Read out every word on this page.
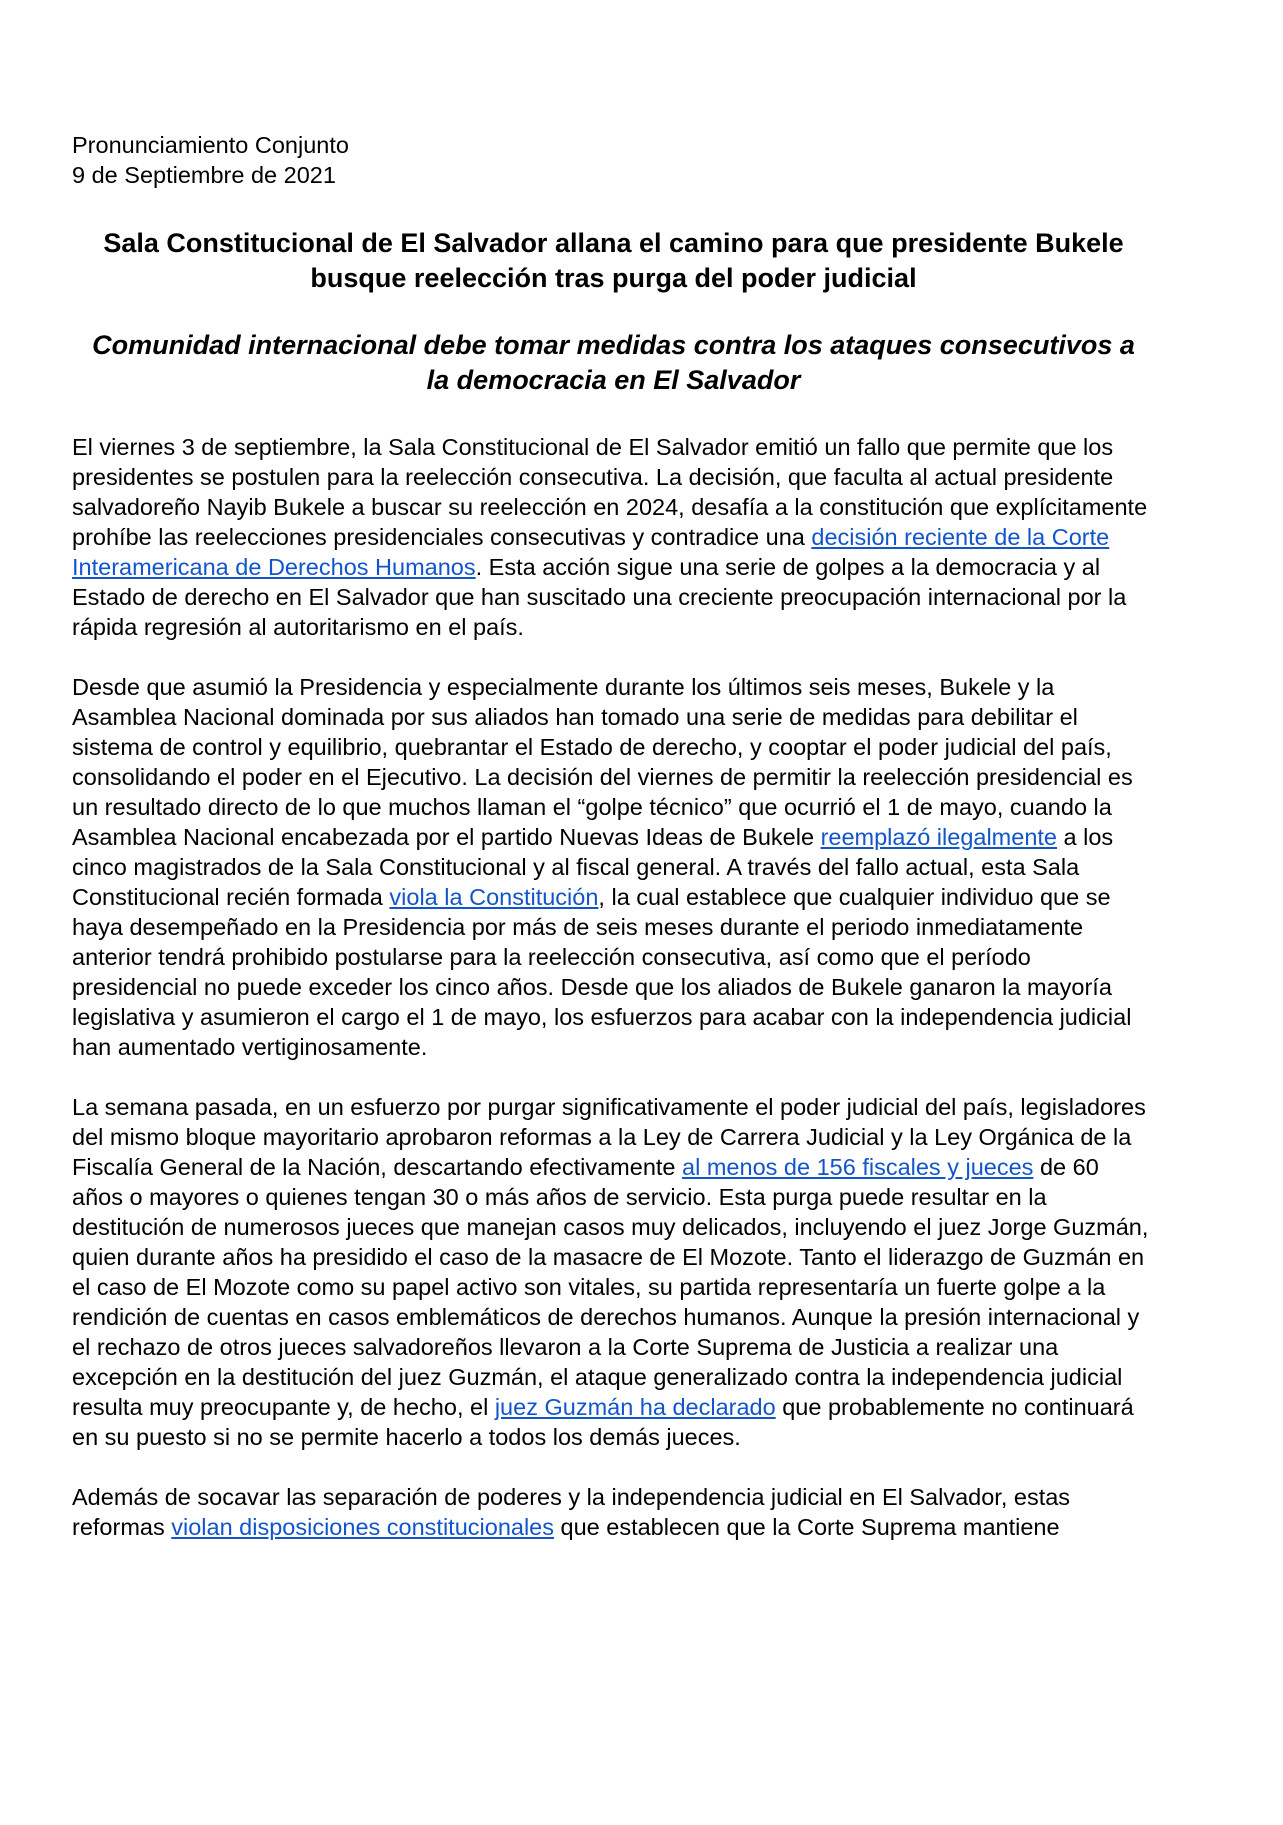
Pronunciamiento Conjunto

9 de Septiembre de 2021

Sala Constitucional de El Salvador allana el camino para que presidente Bukele busque reelección tras purga del poder judicial
Comunidad internacional debe tomar medidas contra los ataques consecutivos a la democracia en El Salvador

El viernes 3 de septiembre, la Sala Constitucional de El Salvador emitió un fallo que permite que los presidentes se postulen para la reelección consecutiva. La decisión, que faculta al actual presidente salvadoreño Nayib Bukele a buscar su reelección en 2024, desafía a la constitución que explícitamente prohíbe las reelecciones presidenciales consecutivas y contradice una decisión reciente de la Corte Interamericana de Derechos Humanos. Esta acción sigue una serie de golpes a la democracia y al Estado de derecho en El Salvador que han suscitado una creciente preocupación internacional por la rápida regresión al autoritarismo en el país.

Desde que asumió la Presidencia y especialmente durante los últimos seis meses, Bukele y la Asamblea Nacional dominada por sus aliados han tomado una serie de medidas para debilitar el sistema de control y equilibrio, quebrantar el Estado de derecho, y cooptar el poder judicial del país, consolidando el poder en el Ejecutivo. La decisión del viernes de permitir la reelección presidencial es un resultado directo de lo que muchos llaman el “golpe técnico” que ocurrió el 1 de mayo, cuando la Asamblea Nacional encabezada por el partido Nuevas Ideas de Bukele reemplazó ilegalmente a los cinco magistrados de la Sala Constitucional y al fiscal general. A través del fallo actual, esta Sala Constitucional recién formada viola la Constitución, la cual establece que cualquier individuo que se haya desempeñado en la Presidencia por más de seis meses durante el periodo inmediatamente anterior tendrá prohibido postularse para la reelección consecutiva, así como que el período presidencial no puede exceder los cinco años. Desde que los aliados de Bukele ganaron la mayoría legislativa y asumieron el cargo el 1 de mayo, los esfuerzos para acabar con la independencia judicial han aumentado vertiginosamente.

La semana pasada, en un esfuerzo por purgar significativamente el poder judicial del país, legisladores del mismo bloque mayoritario aprobaron reformas a la Ley de Carrera Judicial y la Ley Orgánica de la Fiscalía General de la Nación, descartando efectivamente al menos de 156 fiscales y jueces de 60 años o mayores o quienes tengan 30 o más años de servicio. Esta purga puede resultar en la destitución de numerosos jueces que manejan casos muy delicados, incluyendo el juez Jorge Guzmán, quien durante años ha presidido el caso de la masacre de El Mozote. Tanto el liderazgo de Guzmán en el caso de El Mozote como su papel activo son vitales, su partida representaría un fuerte golpe a la rendición de cuentas en casos emblemáticos de derechos humanos. Aunque la presión internacional y el rechazo de otros jueces salvadoreños llevaron a la Corte Suprema de Justicia a realizar una excepción en la destitución del juez Guzmán, el ataque generalizado contra la independencia judicial resulta muy preocupante y, de hecho, el juez Guzmán ha declarado que probablemente no continuará en su puesto si no se permite hacerlo a todos los demás jueces.

Además de socavar las separación de poderes y la independencia judicial en El Salvador, estas reformas violan disposiciones constitucionales que establecen que la Corte Suprema mantiene
